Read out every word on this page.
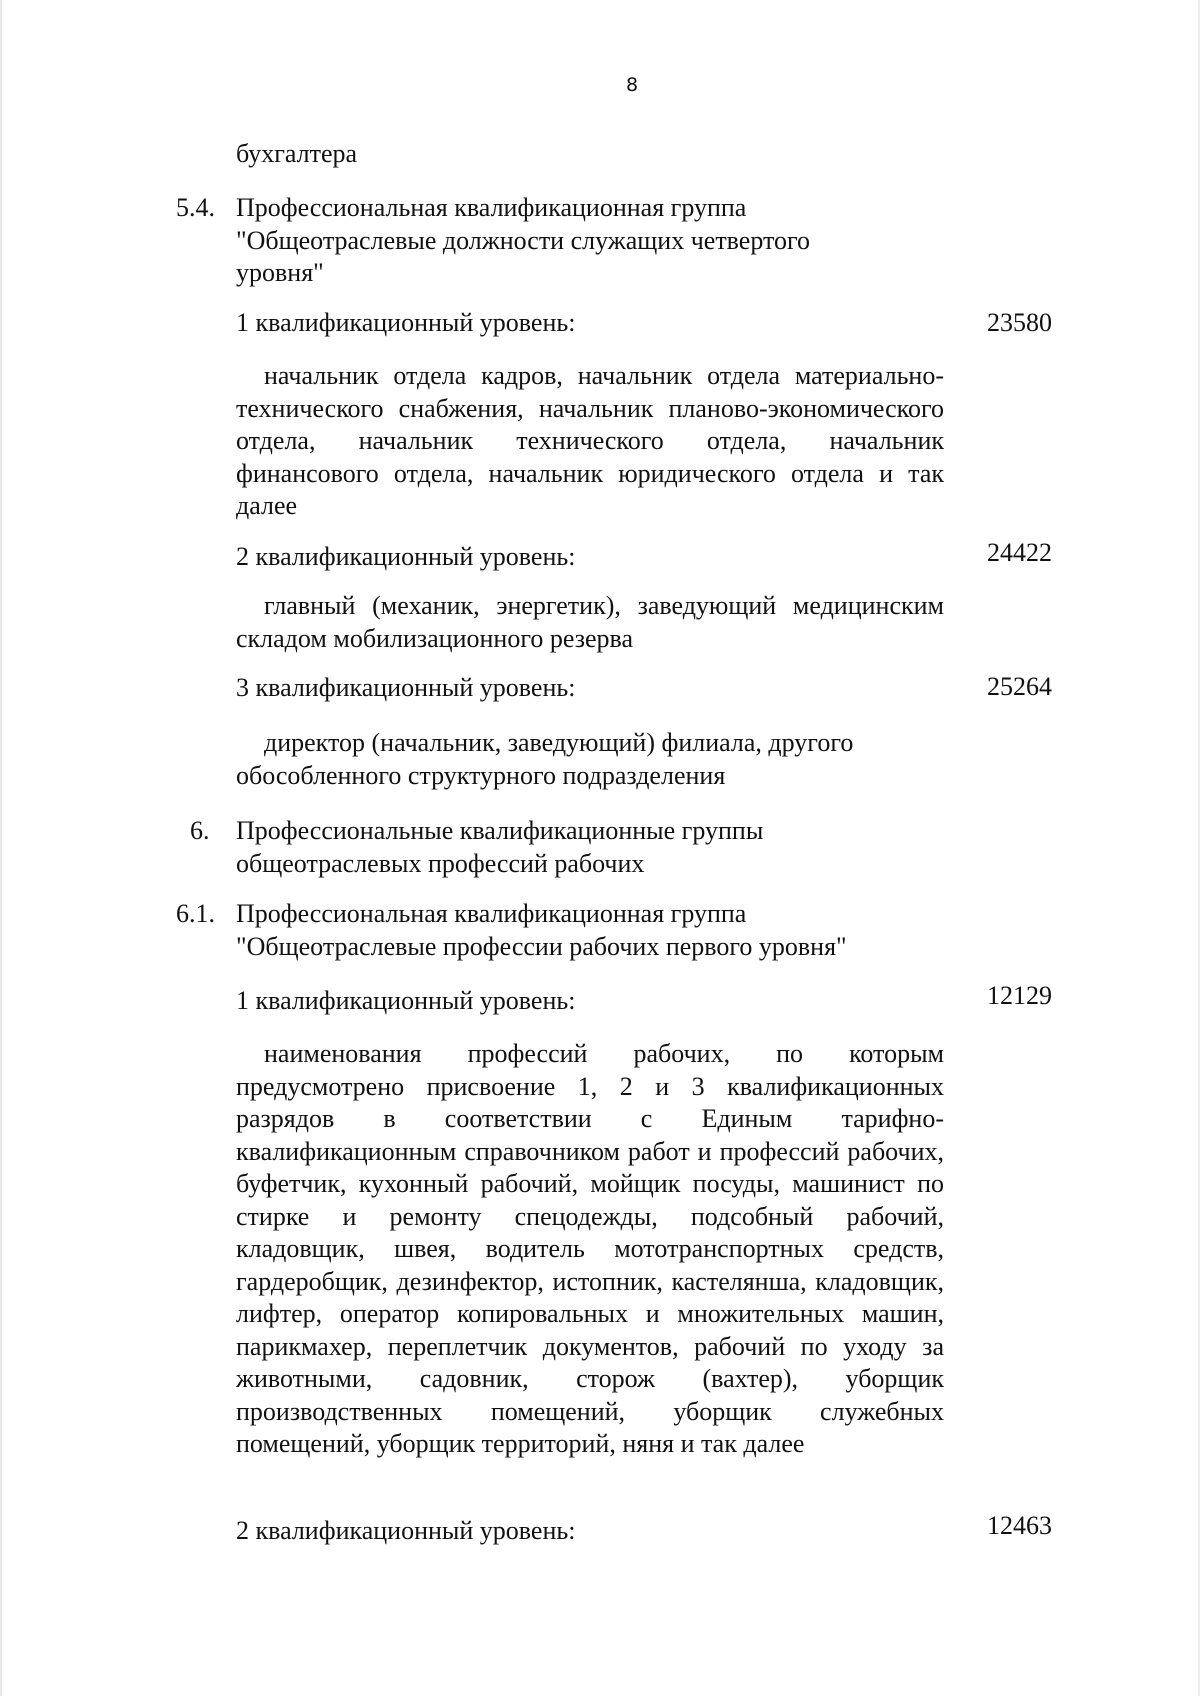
8
бухгалтера
5.4. Профессиональная квалификационная группа "Общеотраслевые должности служащих четвертого уровня"
1 квалификационный уровень:	23580
начальник отдела кадров, начальник отдела материально-технического снабжения, начальник планово-экономического отдела, начальник технического отдела, начальник финансового отдела, начальник юридического отдела и так далее
2 квалификационный уровень:	24422
главный (механик, энергетик), заведующий медицинским складом мобилизационного резерва
3 квалификационный уровень:	25264
директор (начальник, заведующий) филиала, другого обособленного структурного подразделения
6. Профессиональные квалификационные группы общеотраслевых профессий рабочих
6.1. Профессиональная квалификационная группа "Общеотраслевые профессии рабочих первого уровня"
1 квалификационный уровень:	12129
наименования профессий рабочих, по которым предусмотрено присвоение 1, 2 и 3 квалификационных разрядов в соответствии с Единым тарифно-квалификационным справочником работ и профессий рабочих, буфетчик, кухонный рабочий, мойщик посуды, машинист по стирке и ремонту спецодежды, подсобный рабочий, кладовщик, швея, водитель мототранспортных средств, гардеробщик, дезинфектор, истопник, кастелянша, кладовщик, лифтер, оператор копировальных и множительных машин, парикмахер, переплетчик документов, рабочий по уходу за животными, садовник, сторож (вахтер), уборщик производственных помещений, уборщик служебных помещений, уборщик территорий, няня и так далее
2 квалификационный уровень:	12463
